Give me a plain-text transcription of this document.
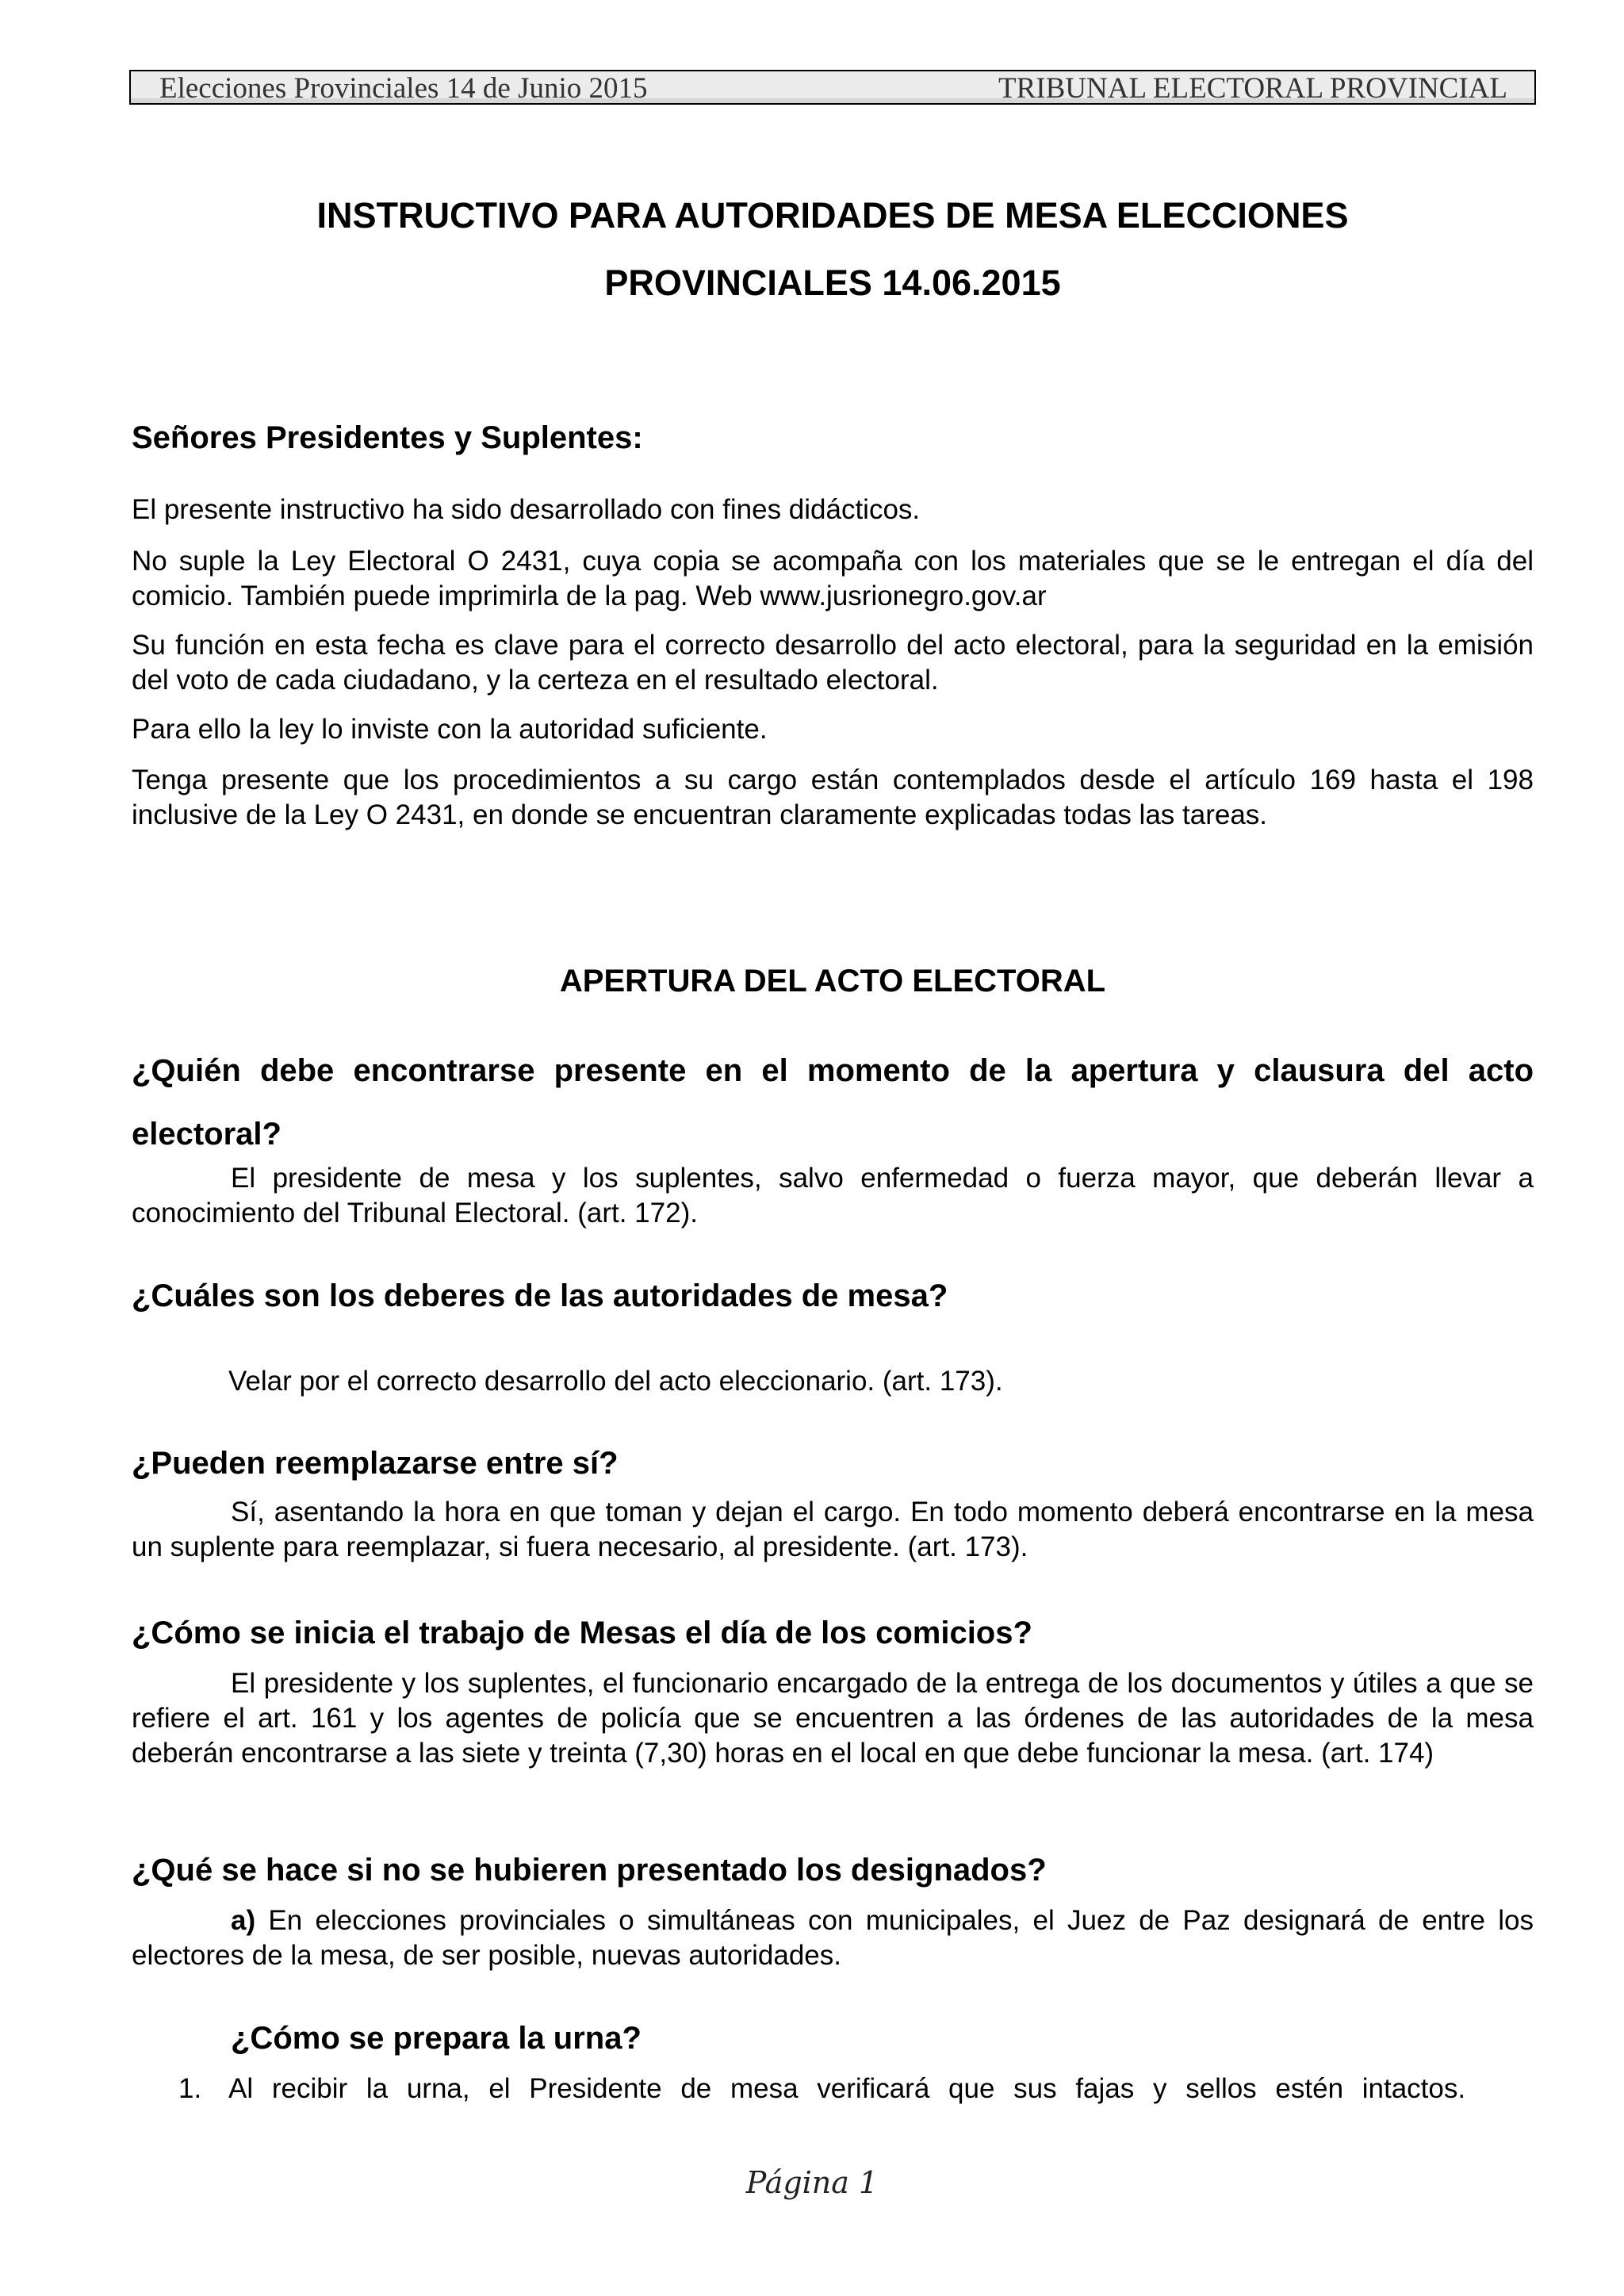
Elecciones Provinciales 14 de Junio 2015	TRIBUNAL ELECTORAL PROVINCIAL
INSTRUCTIVO PARA AUTORIDADES DE MESA ELECCIONES
PROVINCIALES 14.06.2015
Señores Presidentes y Suplentes:
El presente instructivo ha sido desarrollado con fines didácticos.
No suple la Ley Electoral O 2431, cuya copia se acompaña con los materiales que se le entregan el día del comicio. También puede imprimirla de la pag. Web www.jusrionegro.gov.ar
Su función en esta fecha es clave para el correcto desarrollo del acto electoral, para la seguridad en la emisión del voto de cada ciudadano, y la certeza en el resultado electoral.
Para ello la ley lo inviste con la autoridad suficiente.
Tenga presente que los procedimientos a su cargo están contemplados desde el artículo 169 hasta el 198 inclusive de la Ley O 2431, en donde se encuentran claramente explicadas todas las tareas.
APERTURA DEL ACTO ELECTORAL
¿Quién debe encontrarse presente en el momento de la apertura y clausura del acto electoral?
El presidente de mesa y los suplentes, salvo enfermedad o fuerza mayor, que deberán llevar a conocimiento del Tribunal Electoral. (art. 172).
¿Cuáles son los deberes de las autoridades de mesa?
Velar por el correcto desarrollo del acto eleccionario. (art. 173).
¿Pueden reemplazarse entre sí?
Sí, asentando la hora en que toman y dejan el cargo. En todo momento deberá encontrarse en la mesa un suplente para reemplazar, si fuera necesario, al presidente. (art. 173).
¿Cómo se inicia el trabajo de Mesas el día de los comicios?
El presidente y los suplentes, el funcionario encargado de la entrega de los documentos y útiles a que se refiere el art. 161 y los agentes de policía que se encuentren a las órdenes de las autoridades de la mesa deberán encontrarse a las siete y treinta (7,30) horas en el local en que debe funcionar la mesa. (art. 174)
¿Qué se hace si no se hubieren presentado los designados?
a) En elecciones provinciales o simultáneas con municipales, el Juez de Paz designará de entre los electores de la mesa, de ser posible, nuevas autoridades.
¿Cómo se prepara la urna?
1. Al recibir la urna, el Presidente de mesa verificará que sus fajas y sellos estén intactos.
Página 1
